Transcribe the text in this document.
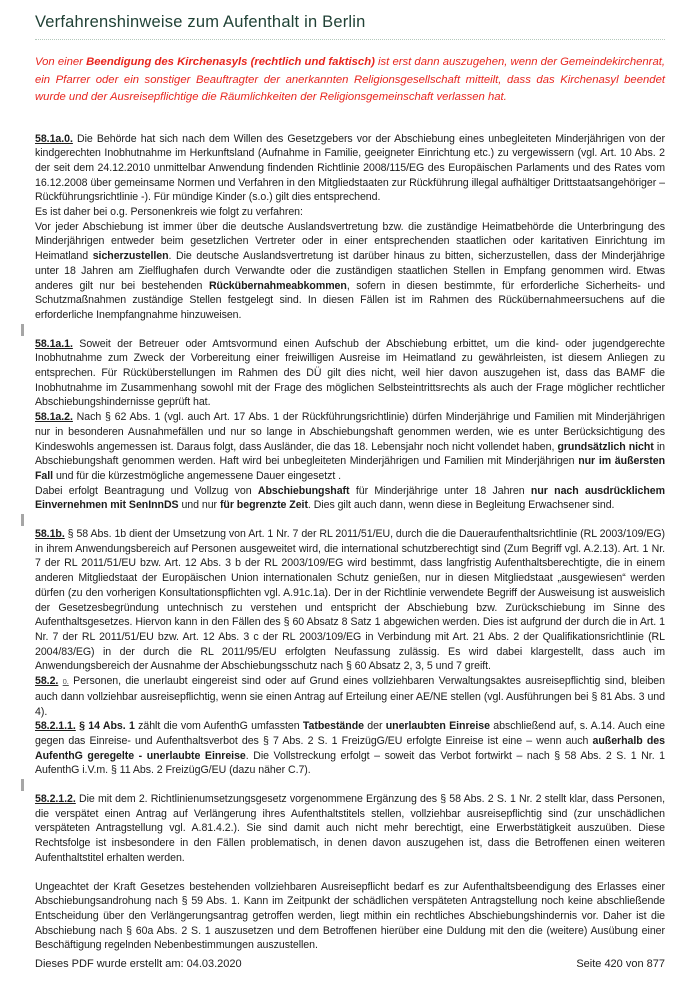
Verfahrenshinweise zum Aufenthalt in Berlin

Von einer Beendigung des Kirchenasyls (rechtlich und faktisch) ist erst dann auszugehen, wenn der Gemeindekirchenrat, ein Pfarrer oder ein sonstiger Beauftragter der anerkannten Religionsgesellschaft mitteilt, dass das Kirchenasyl beendet wurde und der Ausreisepflichtige die Räumlichkeiten der Religionsgemeinschaft verlassen hat.

58.1a.0. Die Behörde hat sich nach dem Willen des Gesetzgebers vor der Abschiebung eines unbegleiteten Minderjährigen von der kindgerechten Inobhutnahme im Herkunftsland (Aufnahme in Familie, geeigneter Einrichtung etc.) zu vergewissern (vgl. Art. 10 Abs. 2 der seit dem 24.12.2010 unmittelbar Anwendung findenden Richtlinie 2008/115/EG des Europäischen Parlaments und des Rates vom 16.12.2008 über gemeinsame Normen und Verfahren in den Mitgliedstaaten zur Rückführung illegal aufhältiger Drittstaatsangehöriger – Rückführungsrichtlinie -). Für mündige Kinder (s.o.) gilt dies entsprechend.
Es ist daher bei o.g. Personenkreis wie folgt zu verfahren:
Vor jeder Abschiebung ist immer über die deutsche Auslandsvertretung bzw. die zuständige Heimatbehörde die Unterbringung des Minderjährigen entweder beim gesetzlichen Vertreter oder in einer entsprechenden staatlichen oder karitativen Einrichtung im Heimatland sicherzustellen. Die deutsche Auslandsvertretung ist darüber hinaus zu bitten, sicherzustellen, dass der Minderjährige unter 18 Jahren am Zielflughafen durch Verwandte oder die zuständigen staatlichen Stellen in Empfang genommen wird. Etwas anderes gilt nur bei bestehenden Rückübernahmeabkommen, sofern in diesen bestimmte, für erforderliche Sicherheits- und Schutzmaßnahmen zuständige Stellen festgelegt sind. In diesen Fällen ist im Rahmen des Rückübernahmeersuchens auf die erforderliche Inempfangnahme hinzuweisen.

58.1a.1. Soweit der Betreuer oder Amtsvormund einen Aufschub der Abschiebung erbittet, um die kind- oder jugendgerechte Inobhutnahme zum Zweck der Vorbereitung einer freiwilligen Ausreise im Heimatland zu gewährleisten, ist diesem Anliegen zu entsprechen. Für Rücküberstellungen im Rahmen des DÜ gilt dies nicht, weil hier davon auszugehen ist, dass das BAMF die Inobhutnahme im Zusammenhang sowohl mit der Frage des möglichen Selbsteintrittsrechts als auch der Frage möglicher rechtlicher Abschiebungshindernisse geprüft hat.

58.1a.2. Nach § 62 Abs. 1 (vgl. auch Art. 17 Abs. 1 der Rückführungsrichtlinie) dürfen Minderjährige und Familien mit Minderjährigen nur in besonderen Ausnahmefällen und nur so lange in Abschiebungshaft genommen werden, wie es unter Berücksichtigung des Kindeswohls angemessen ist. Daraus folgt, dass Ausländer, die das 18. Lebensjahr noch nicht vollendet haben, grundsätzlich nicht in Abschiebungshaft genommen werden. Haft wird bei unbegleiteten Minderjährigen und Familien mit Minderjährigen nur im äußersten Fall und für die kürzestmögliche angemessene Dauer eingesetzt .
Dabei erfolgt Beantragung und Vollzug von Abschiebungshaft für Minderjährige unter 18 Jahren nur nach ausdrücklichem Einvernehmen mit SenInnDS und nur für begrenzte Zeit. Dies gilt auch dann, wenn diese in Begleitung Erwachsener sind.

58.1b. § 58 Abs. 1b dient der Umsetzung von Art. 1 Nr. 7 der RL 2011/51/EU, durch die die Daueraufenthaltsrichtlinie (RL 2003/109/EG) in ihrem Anwendungsbereich auf Personen ausgeweitet wird, die international schutzberechtigt sind (Zum Begriff vgl. A.2.13). Art. 1 Nr. 7 der RL 2011/51/EU bzw. Art. 12 Abs. 3 b der RL 2003/109/EG wird bestimmt, dass langfristig Aufenthaltsberechtigte, die in einem anderen Mitgliedstaat der Europäischen Union internationalen Schutz genießen, nur in diesen Mitgliedstaat „ausgewiesen“ werden dürfen (zu den vorherigen Konsultationspflichten vgl. A.91c.1a). Der in der Richtlinie verwendete Begriff der Ausweisung ist ausweislich der Gesetzesbegründung untechnisch zu verstehen und entspricht der Abschiebung bzw. Zurückschiebung im Sinne des Aufenthaltsgesetzes. Hiervon kann in den Fällen des § 60 Absatz 8 Satz 1 abgewichen werden. Dies ist aufgrund der durch die in Art. 1 Nr. 7 der RL 2011/51/EU bzw. Art. 12 Abs. 3 c der RL 2003/109/EG in Verbindung mit Art. 21 Abs. 2 der Qualifikationsrichtlinie (RL 2004/83/EG) in der durch die RL 2011/95/EU erfolgten Neufassung zulässig. Es wird dabei klargestellt, dass auch im Anwendungsbereich der Ausnahme der Abschiebungsschutz nach § 60 Absatz 2, 3, 5 und 7 greift.

58.2. 0. Personen, die unerlaubt eingereist sind oder auf Grund eines vollziehbaren Verwaltungsaktes ausreisepflichtig sind, bleiben auch dann vollziehbar ausreisepflichtig, wenn sie einen Antrag auf Erteilung einer AE/NE stellen (vgl. Ausführungen bei § 81 Abs. 3 und 4).

58.2.1.1. § 14 Abs. 1 zählt die vom AufenthG umfassten Tatbestände der unerlaubten Einreise abschließend auf, s. A.14. Auch eine gegen das Einreise- und Aufenthaltsverbot des § 7 Abs. 2 S. 1 FreizügG/EU erfolgte Einreise ist eine – wenn auch außerhalb des AufenthG geregelte - unerlaubte Einreise. Die Vollstreckung erfolgt – soweit das Verbot fortwirkt – nach § 58 Abs. 2 S. 1 Nr. 1 AufenthG i.V.m. § 11 Abs. 2 FreizügG/EU (dazu näher C.7).

58.2.1.2. Die mit dem 2. Richtlinienumsetzungsgesetz vorgenommene Ergänzung des § 58 Abs. 2 S. 1 Nr. 2 stellt klar, dass Personen, die verspätet einen Antrag auf Verlängerung ihres Aufenthaltstitels stellen, vollziehbar ausreisepflichtig sind (zur unschädlichen verspäteten Antragstellung vgl. A.81.4.2.). Sie sind damit auch nicht mehr berechtigt, eine Erwerbstätigkeit auszuüben. Diese Rechtsfolge ist insbesondere in den Fällen problematisch, in denen davon auszugehen ist, dass die Betroffenen einen weiteren Aufenthaltstitel erhalten werden.

Ungeachtet der Kraft Gesetzes bestehenden vollziehbaren Ausreisepflicht bedarf es zur Aufenthaltsbeendigung des Erlasses einer Abschiebungsandrohung nach § 59 Abs. 1. Kann im Zeitpunkt der schädlichen verspäteten Antragstellung noch keine abschließende Entscheidung über den Verlängerungsantrag getroffen werden, liegt mithin ein rechtliches Abschiebungshindernis vor. Daher ist die Abschiebung nach § 60a Abs. 2 S. 1 auszusetzen und dem Betroffenen hierüber eine Duldung mit den die (weitere) Ausübung einer Beschäftigung regelnden Nebenbestimmungen auszustellen.

Dieses PDF wurde erstellt am: 04.03.2020	Seite 420 von 877
